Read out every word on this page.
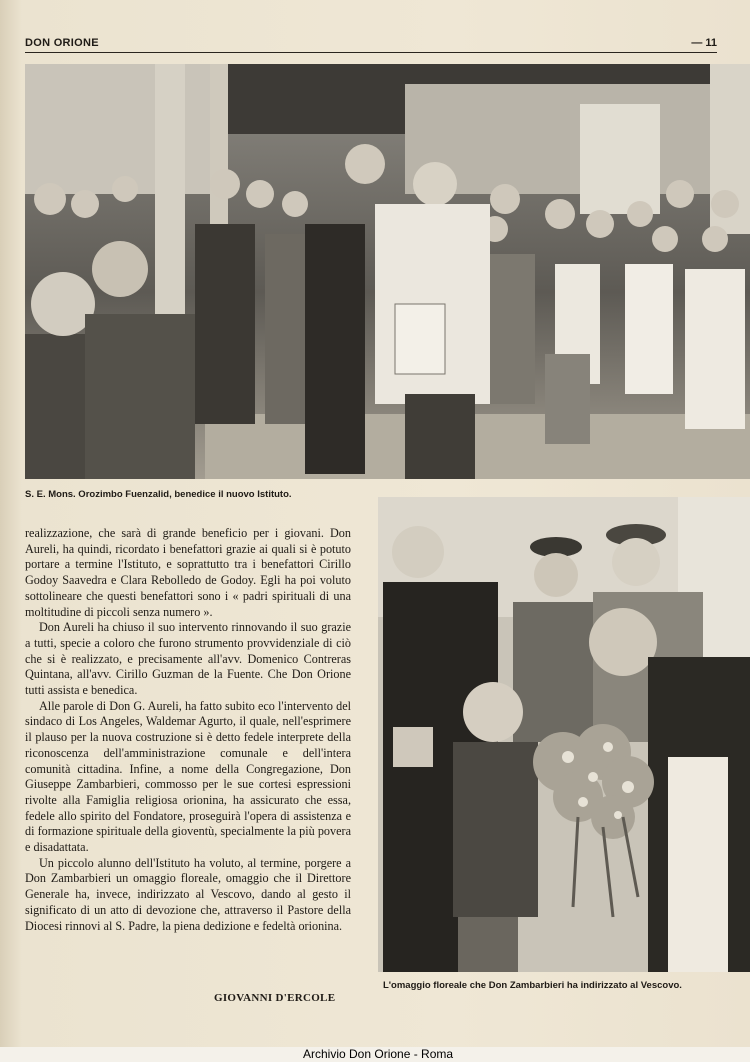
DON ORIONE	— 11
S. E. Mons. Orozimbo Fuenzalid, benedice il nuovo Istituto.

realizzazione, che sarà di grande beneficio per i giovani. Don Aureli, ha quindi, ricordato i benefattori grazie ai quali si è potuto portare a termine l'Istituto, e soprattutto tra i benefattori Cirillo Godoy Saavedra e Clara Rebolledo de Godoy. Egli ha poi voluto sottolineare che questi benefattori sono i « padri spirituali di una moltitudine di piccoli senza numero ».

Don Aureli ha chiuso il suo intervento rinnovando il suo grazie a tutti, specie a coloro che furono strumento provvidenziale di ciò che si è realizzato, e precisamente all'avv. Domenico Contreras Quintana, all'avv. Cirillo Guzman de la Fuente. Che Don Orione tutti assista e benedica.

Alle parole di Don G. Aureli, ha fatto subito eco l'intervento del sindaco di Los Angeles, Waldemar Agurto, il quale, nell'esprimere il plauso per la nuova costruzione si è detto fedele interprete della riconoscenza dell'amministrazione comunale e dell'intera comunità cittadina. Infine, a nome della Congregazione, Don Giuseppe Zambarbieri, commosso per le sue cortesi espressioni rivolte alla Famiglia religiosa orionina, ha assicurato che essa, fedele allo spirito del Fondatore, proseguirà l'opera di assistenza e di formazione spirituale della gioventù, specialmente la più povera e disadattata.

Un piccolo alunno dell'Istituto ha voluto, al termine, porgere a Don Zambarbieri un omaggio floreale, omaggio che il Direttore Generale ha, invece, indirizzato al Vescovo, dando al gesto il significato di un atto di devozione che, attraverso il Pastore della Diocesi rinnovi al S. Padre, la piena dedizione e fedeltà orionina.

GIOVANNI D'ERCOLE
L'omaggio floreale che Don Zambarbieri ha indirizzato al Vescovo.
Archivio Don Orione - Roma
